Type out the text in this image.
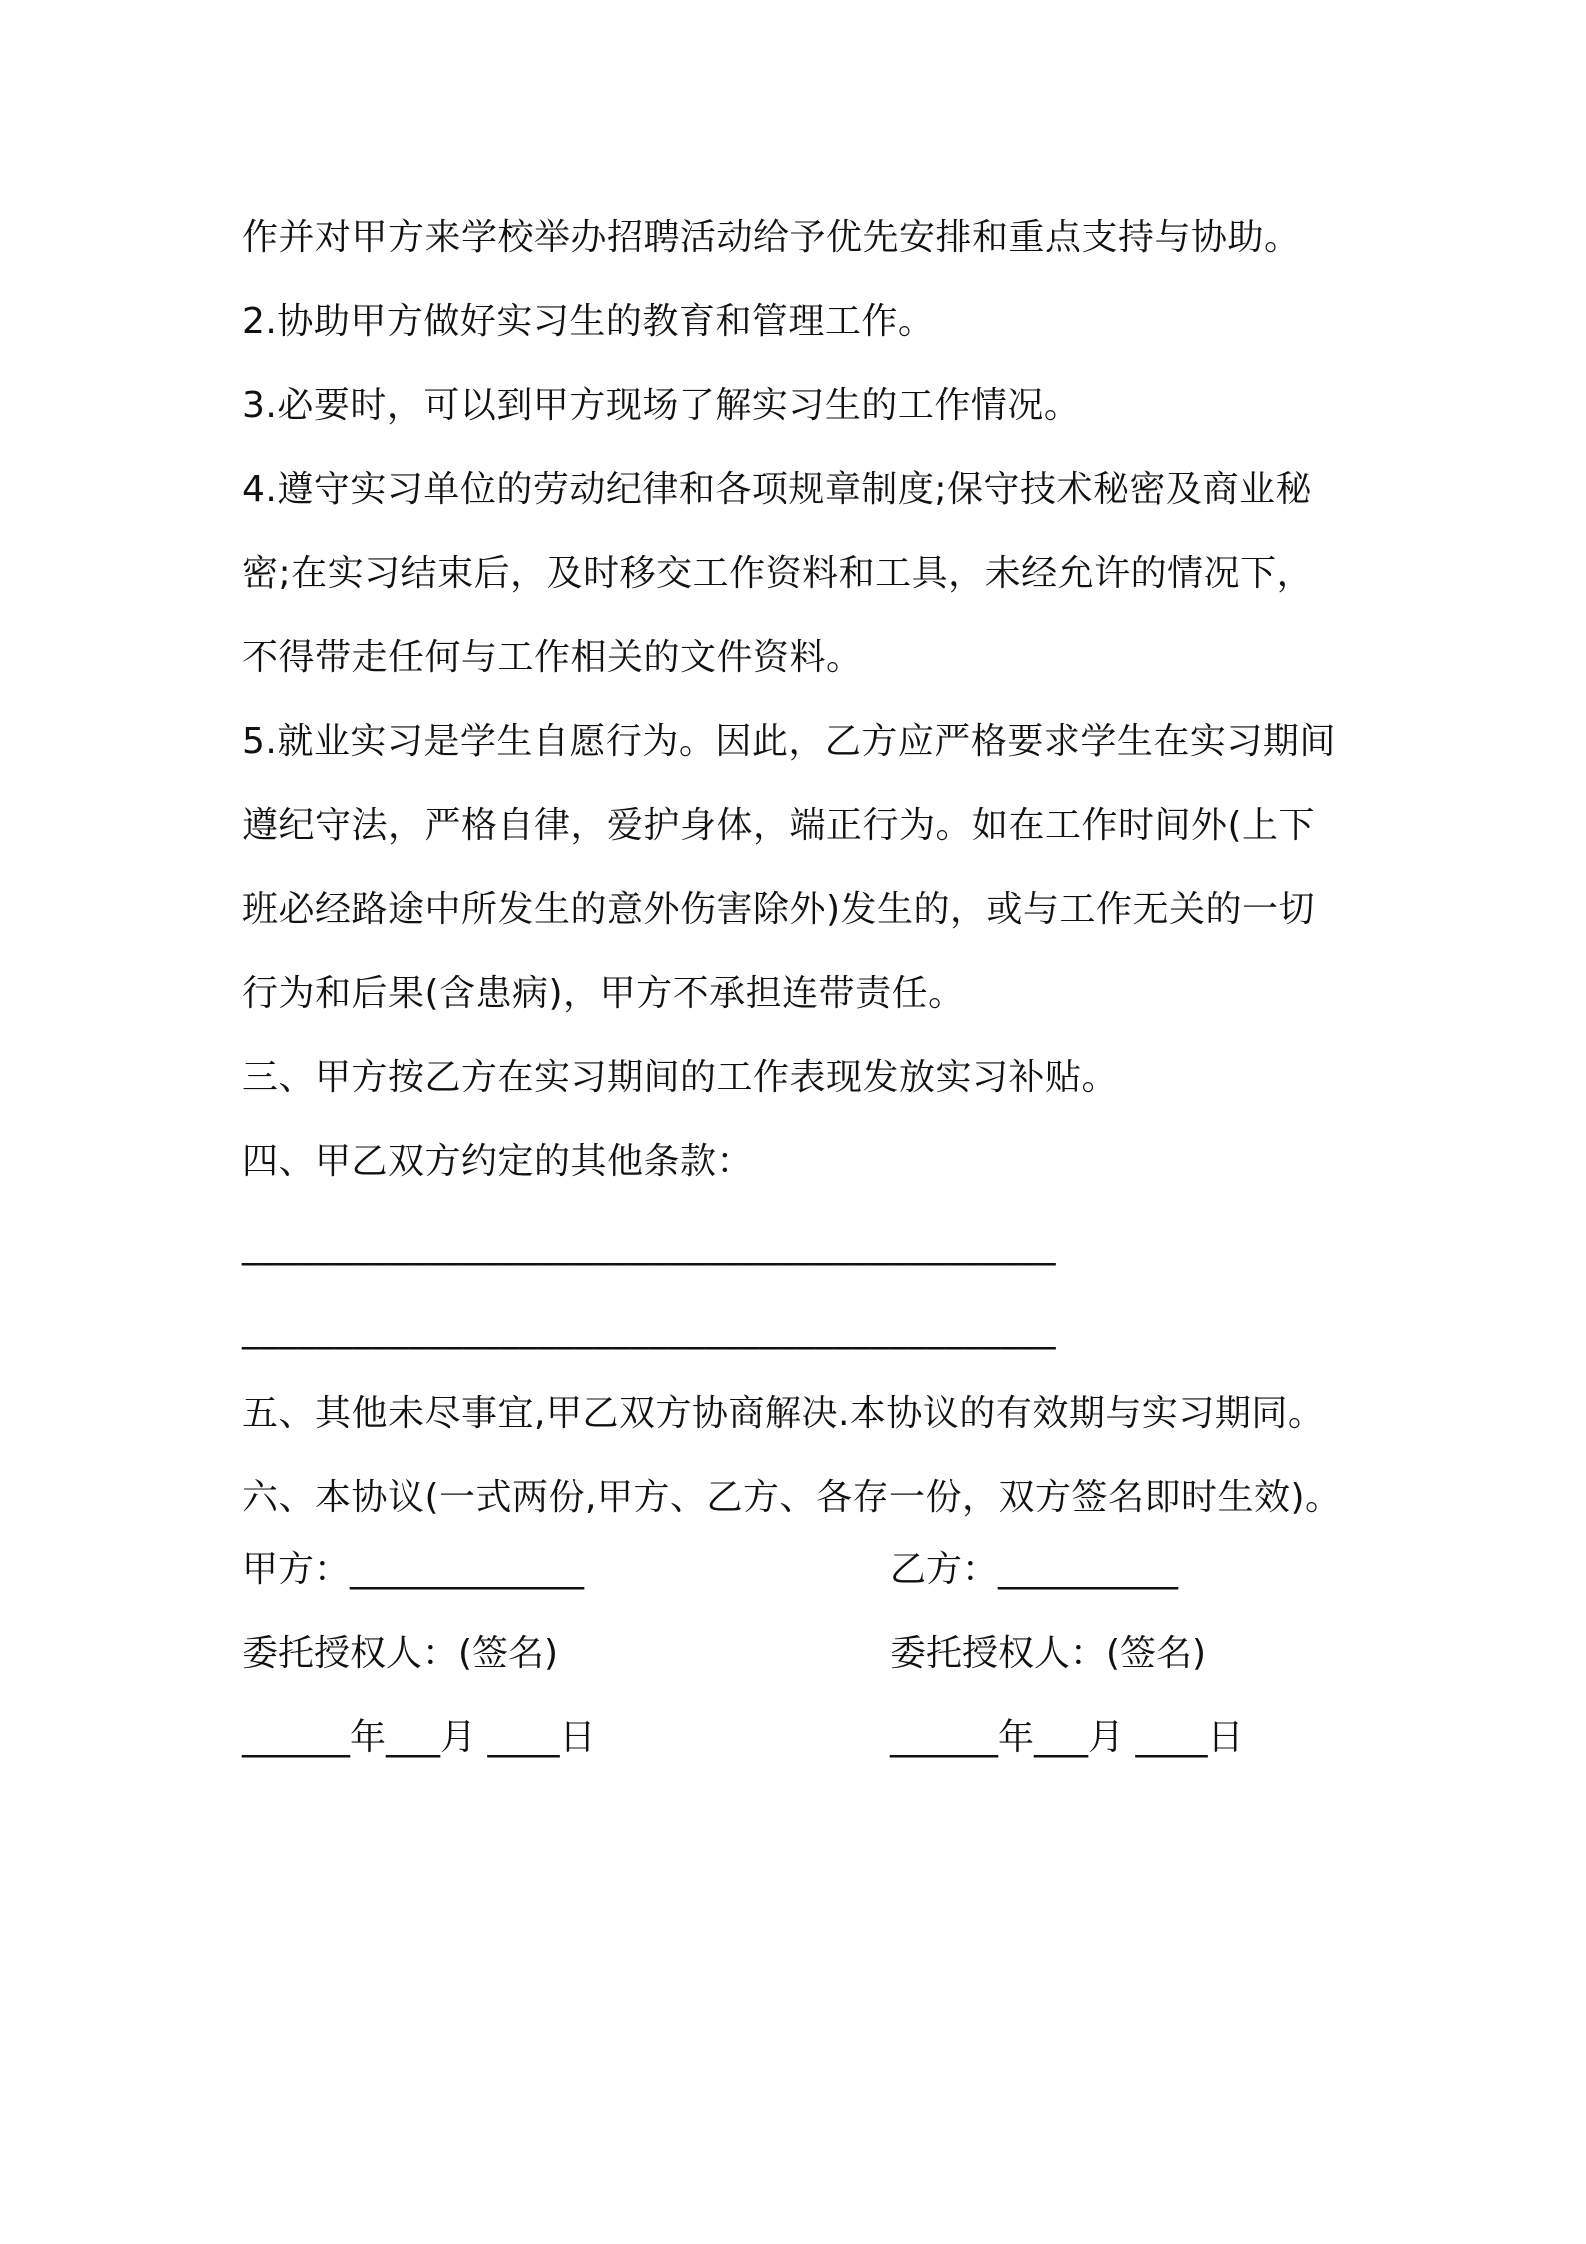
作并对甲方来学校举办招聘活动给予优先安排和重点支持与协助。

2.协助甲方做好实习生的教育和管理工作。

3.必要时，可以到甲方现场了解实习生的工作情况。

4.遵守实习单位的劳动纪律和各项规章制度;保守技术秘密及商业秘

密;在实习结束后，及时移交工作资料和工具，未经允许的情况下，

不得带走任何与工作相关的文件资料。

5.就业实习是学生自愿行为。因此，乙方应严格要求学生在实习期间

遵纪守法，严格自律，爱护身体，端正行为。如在工作时间外(上下

班必经路途中所发生的意外伤害除外)发生的，或与工作无关的一切

行为和后果(含患病)，甲方不承担连带责任。

三、甲方按乙方在实习期间的工作表现发放实习补贴。

四、甲乙双方约定的其他条款：

____________________________________________

____________________________________________

五、其他未尽事宜,甲乙双方协商解决.本协议的有效期与实习期同。

六、本协议(一式两份,甲方、乙方、各存一份，双方签名即时生效)。

甲方：_____________	乙方：__________
委托授权人：(签名)	委托授权人：(签名)
______年___月 ____日	______年___月 ____日
